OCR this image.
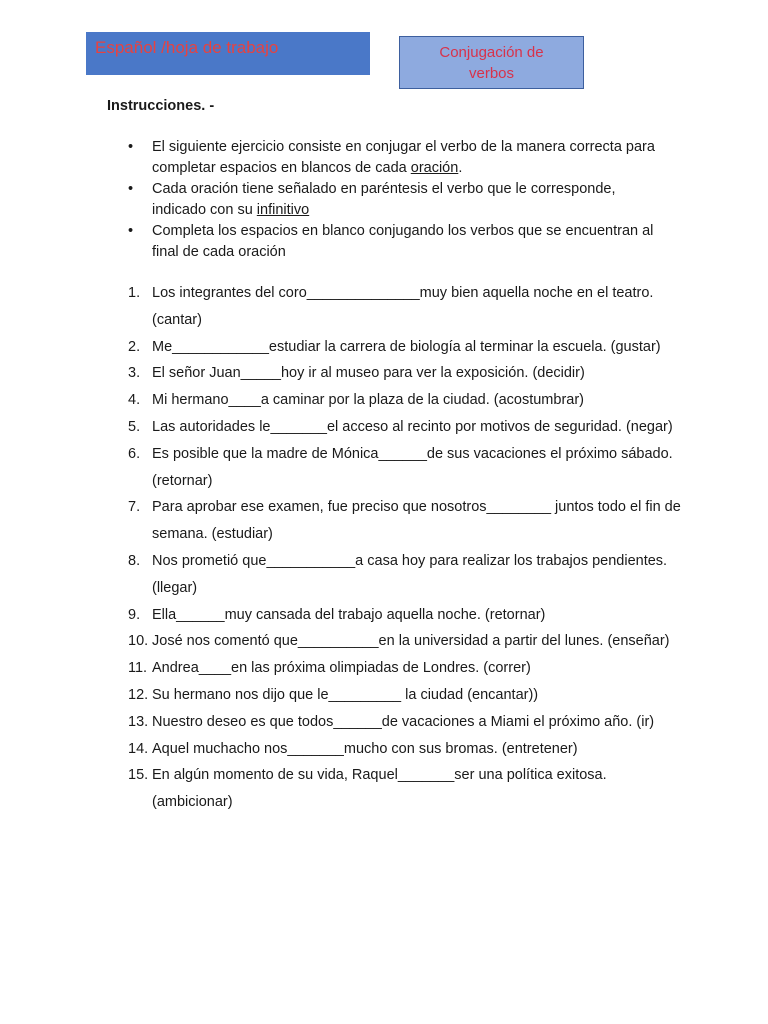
Español /hoja de trabajo	Conjugación de verbos

Instrucciones. -

• El siguiente ejercicio consiste en conjugar el verbo de la manera correcta para completar espacios en blancos de cada oración.
• Cada oración tiene señalado en paréntesis el verbo que le corresponde, indicado con su infinitivo
• Completa los espacios en blanco conjugando los verbos que se encuentran al final de cada oración
1. Los integrantes del coro______________muy bien aquella noche en el teatro. (cantar)
2. Me____________estudiar la carrera de biología al terminar la escuela. (gustar)
3. El señor Juan_____hoy ir al museo para ver la exposición. (decidir)
4. Mi hermano____a caminar por la plaza de la ciudad. (acostumbrar)
5. Las autoridades le_______el acceso al recinto por motivos de seguridad. (negar)
6. Es posible que la madre de Mónica______de sus vacaciones el próximo sábado. (retornar)
7. Para aprobar ese examen, fue preciso que nosotros________ juntos todo el fin de semana. (estudiar)
8. Nos prometió que___________a casa hoy para realizar los trabajos pendientes. (llegar)
9. Ella______muy cansada del trabajo aquella noche. (retornar)
10. José nos comentó que__________en la universidad a partir del lunes. (enseñar)
11. Andrea____en las próxima olimpiadas de Londres. (correr)
12. Su hermano nos dijo que le_________ la ciudad (encantar))
13. Nuestro deseo es que todos______de vacaciones a Miami el próximo año. (ir)
14. Aquel muchacho nos_______mucho con sus bromas. (entretener)
15. En algún momento de su vida, Raquel_______ser una política exitosa. (ambicionar)
